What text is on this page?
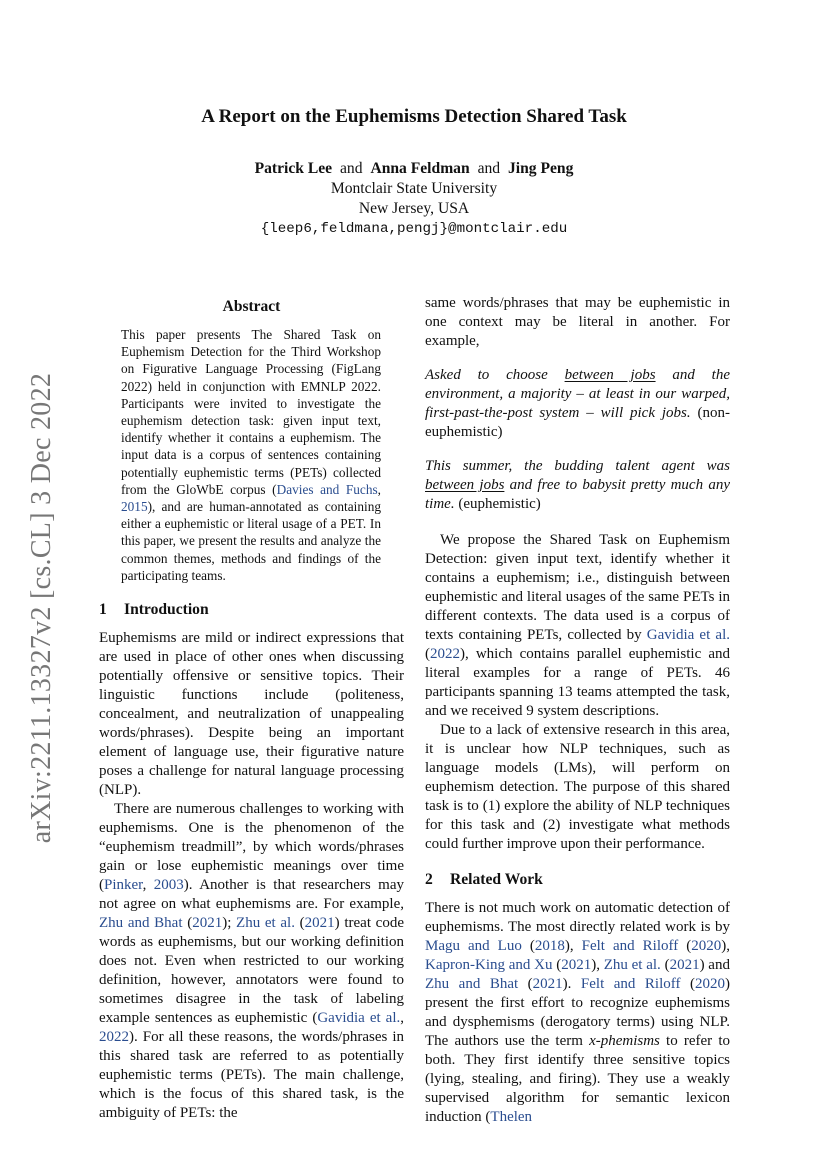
arXiv:2211.13327v2 [cs.CL] 3 Dec 2022
A Report on the Euphemisms Detection Shared Task
Patrick Lee and Anna Feldman and Jing Peng
Montclair State University
New Jersey, USA
{leep6,feldmana,pengj}@montclair.edu
Abstract
This paper presents The Shared Task on Euphemism Detection for the Third Workshop on Figurative Language Processing (FigLang 2022) held in conjunction with EMNLP 2022. Participants were invited to investigate the euphemism detection task: given input text, identify whether it contains a euphemism. The input data is a corpus of sentences containing potentially euphemistic terms (PETs) collected from the GloWbE corpus (Davies and Fuchs, 2015), and are human-annotated as containing either a euphemistic or literal usage of a PET. In this paper, we present the results and analyze the common themes, methods and findings of the participating teams.
1 Introduction

Euphemisms are mild or indirect expressions that are used in place of other ones when discussing potentially offensive or sensitive topics. Their linguistic functions include (politeness, concealment, and neutralization of unappealing words/phrases). Despite being an important element of language use, their figurative nature poses a challenge for natural language processing (NLP).

There are numerous challenges to working with euphemisms. One is the phenomenon of the “euphemism treadmill”, by which words/phrases gain or lose euphemistic meanings over time (Pinker, 2003). Another is that researchers may not agree on what euphemisms are. For example, Zhu and Bhat (2021); Zhu et al. (2021) treat code words as euphemisms, but our working definition does not. Even when restricted to our working definition, however, annotators were found to sometimes disagree in the task of labeling example sentences as euphemistic (Gavidia et al., 2022). For all these reasons, the words/phrases in this shared task are referred to as potentially euphemistic terms (PETs). The main challenge, which is the focus of this shared task, is the ambiguity of PETs: the

same words/phrases that may be euphemistic in one context may be literal in another. For example,

Asked to choose between jobs and the environment, a majority – at least in our warped, first-past-the-post system – will pick jobs. (non-euphemistic)

This summer, the budding talent agent was between jobs and free to babysit pretty much any time. (euphemistic)

We propose the Shared Task on Euphemism Detection: given input text, identify whether it contains a euphemism; i.e., distinguish between euphemistic and literal usages of the same PETs in different contexts. The data used is a corpus of texts containing PETs, collected by Gavidia et al. (2022), which contains parallel euphemistic and literal examples for a range of PETs. 46 participants spanning 13 teams attempted the task, and we received 9 system descriptions.

Due to a lack of extensive research in this area, it is unclear how NLP techniques, such as language models (LMs), will perform on euphemism detection. The purpose of this shared task is to (1) explore the ability of NLP techniques for this task and (2) investigate what methods could further improve upon their performance.

2 Related Work

There is not much work on automatic detection of euphemisms. The most directly related work is by Magu and Luo (2018), Felt and Riloff (2020), Kapron-King and Xu (2021), Zhu et al. (2021) and Zhu and Bhat (2021). Felt and Riloff (2020) present the first effort to recognize euphemisms and dysphemisms (derogatory terms) using NLP. The authors use the term x-phemisms to refer to both. They first identify three sensitive topics (lying, stealing, and firing). They use a weakly supervised algorithm for semantic lexicon induction (Thelen
